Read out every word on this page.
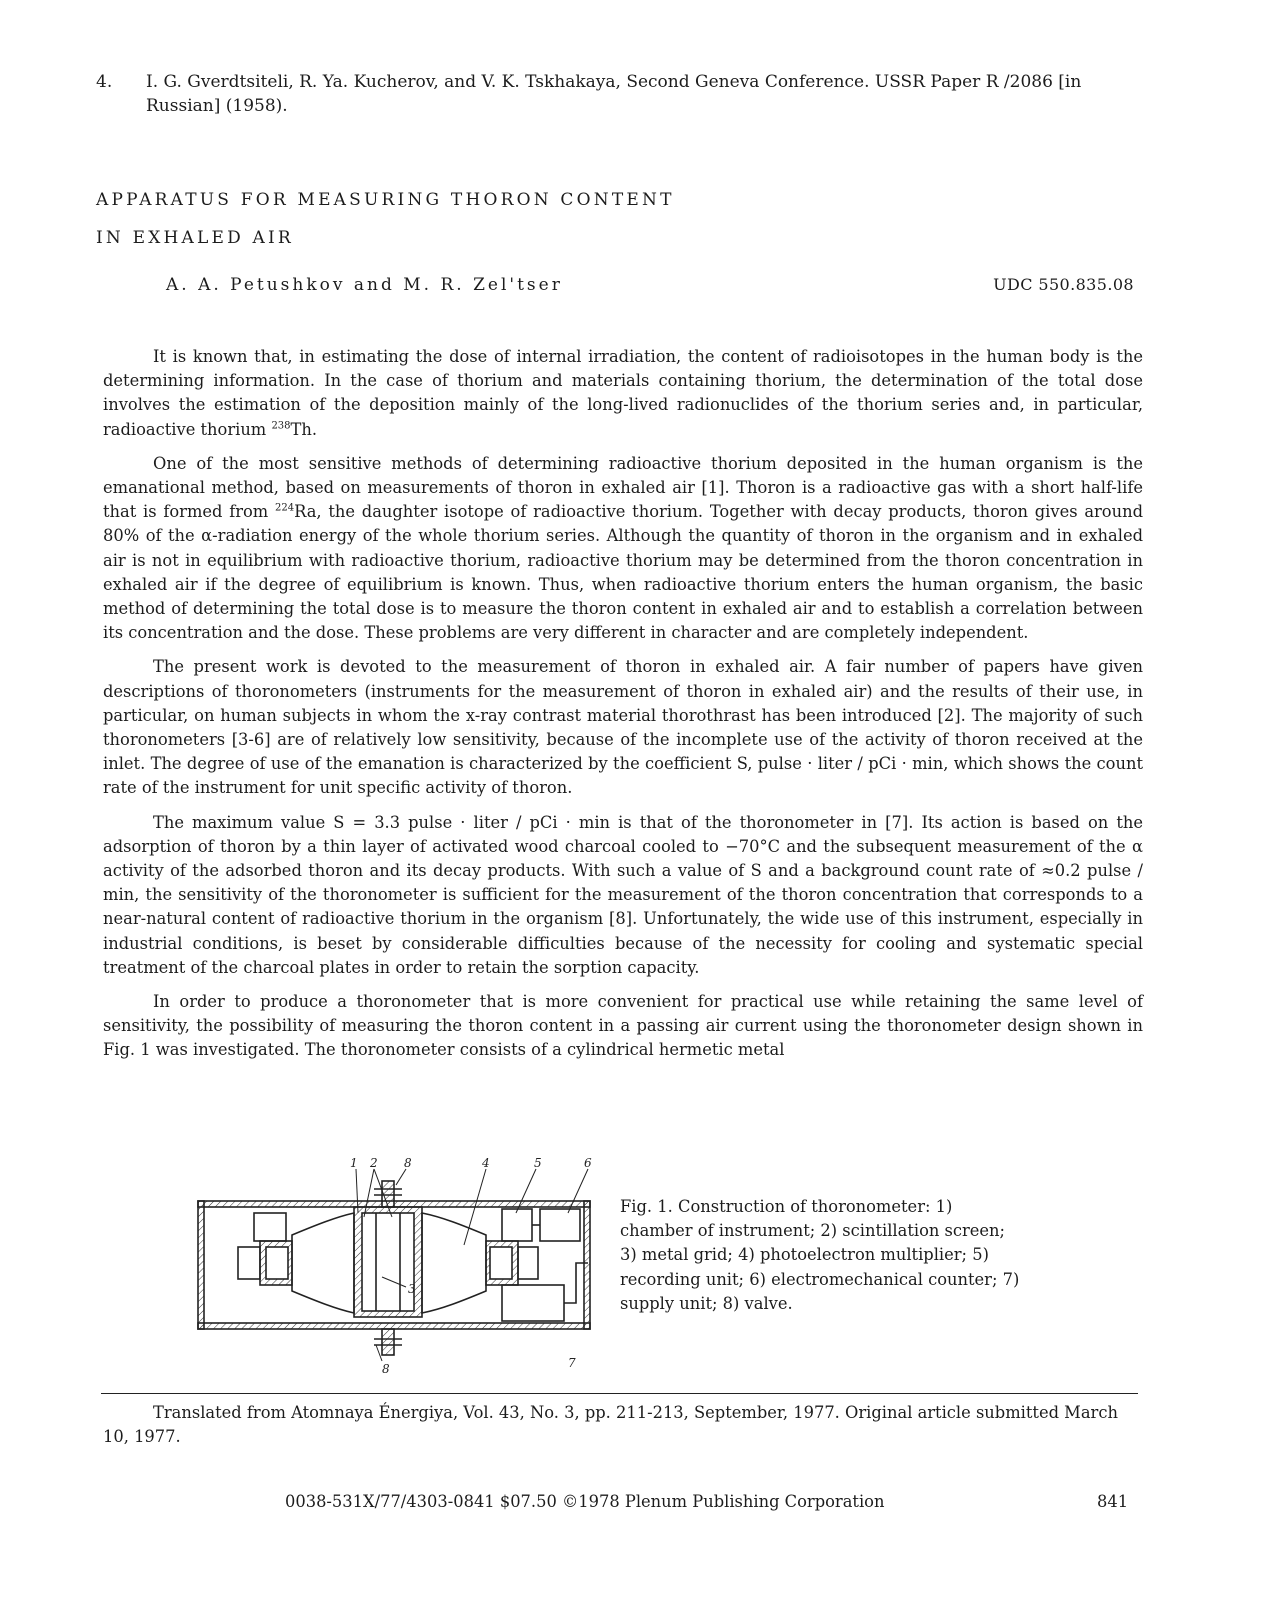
4. I. G. Gverdtsiteli, R. Ya. Kucherov, and V. K. Tskhakaya, Second Geneva Conference. USSR Paper R /2086 [in Russian] (1958).
APPARATUS FOR MEASURING THORON CONTENT
IN EXHALED AIR
A. A. Petushkov and M. R. Zel'tser	UDC 550.835.08

It is known that, in estimating the dose of internal irradiation, the content of radioisotopes in the human body is the determining information. In the case of thorium and materials containing thorium, the determination of the total dose involves the estimation of the deposition mainly of the long-lived radionuclides of the thorium series and, in particular, radioactive thorium $^{238}$Th.

One of the most sensitive methods of determining radioactive thorium deposited in the human organism is the emanational method, based on measurements of thoron in exhaled air [1]. Thoron is a radioactive gas with a short half-life that is formed from $^{224}$Ra, the daughter isotope of radioactive thorium. Together with decay products, thoron gives around 80% of the α-radiation energy of the whole thorium series. Although the quantity of thoron in the organism and in exhaled air is not in equilibrium with radioactive thorium, radioactive thorium may be determined from the thoron concentration in exhaled air if the degree of equilibrium is known. Thus, when radioactive thorium enters the human organism, the basic method of determining the total dose is to measure the thoron content in exhaled air and to establish a correlation between its concentration and the dose. These problems are very different in character and are completely independent.

The present work is devoted to the measurement of thoron in exhaled air. A fair number of papers have given descriptions of thoronometers (instruments for the measurement of thoron in exhaled air) and the results of their use, in particular, on human subjects in whom the x-ray contrast material thorothrast has been introduced [2]. The majority of such thoronometers [3-6] are of relatively low sensitivity, because of the incomplete use of the activity of thoron received at the inlet. The degree of use of the emanation is characterized by the coefficient S, pulse · liter / pCi · min, which shows the count rate of the instrument for unit specific activity of thoron.

The maximum value S = 3.3 pulse · liter / pCi · min is that of the thoronometer in [7]. Its action is based on the adsorption of thoron by a thin layer of activated wood charcoal cooled to −70°C and the subsequent measurement of the α activity of the adsorbed thoron and its decay products. With such a value of S and a background count rate of ≈0.2 pulse / min, the sensitivity of the thoronometer is sufficient for the measurement of the thoron concentration that corresponds to a near-natural content of radioactive thorium in the organism [8]. Unfortunately, the wide use of this instrument, especially in industrial conditions, is beset by considerable difficulties because of the necessity for cooling and systematic special treatment of the charcoal plates in order to retain the sorption capacity.

In order to produce a thoronometer that is more convenient for practical use while retaining the same level of sensitivity, the possibility of measuring the thoron content in a passing air current using the thoronometer design shown in Fig. 1 was investigated. The thoronometer consists of a cylindrical hermetic metal

1 2 8	4	5	6
3
7
8
Fig. 1. Construction of thoronometer: 1) chamber of instrument; 2) scintillation screen; 3) metal grid; 4) photoelectron multiplier; 5) recording unit; 6) electromechanical counter; 7) supply unit; 8) valve.
Translated from Atomnaya Énergiya, Vol. 43, No. 3, pp. 211-213, September, 1977. Original article submitted March 10, 1977.
0038-531X/77/4303-0841 $07.50 ©1978 Plenum Publishing Corporation	841
